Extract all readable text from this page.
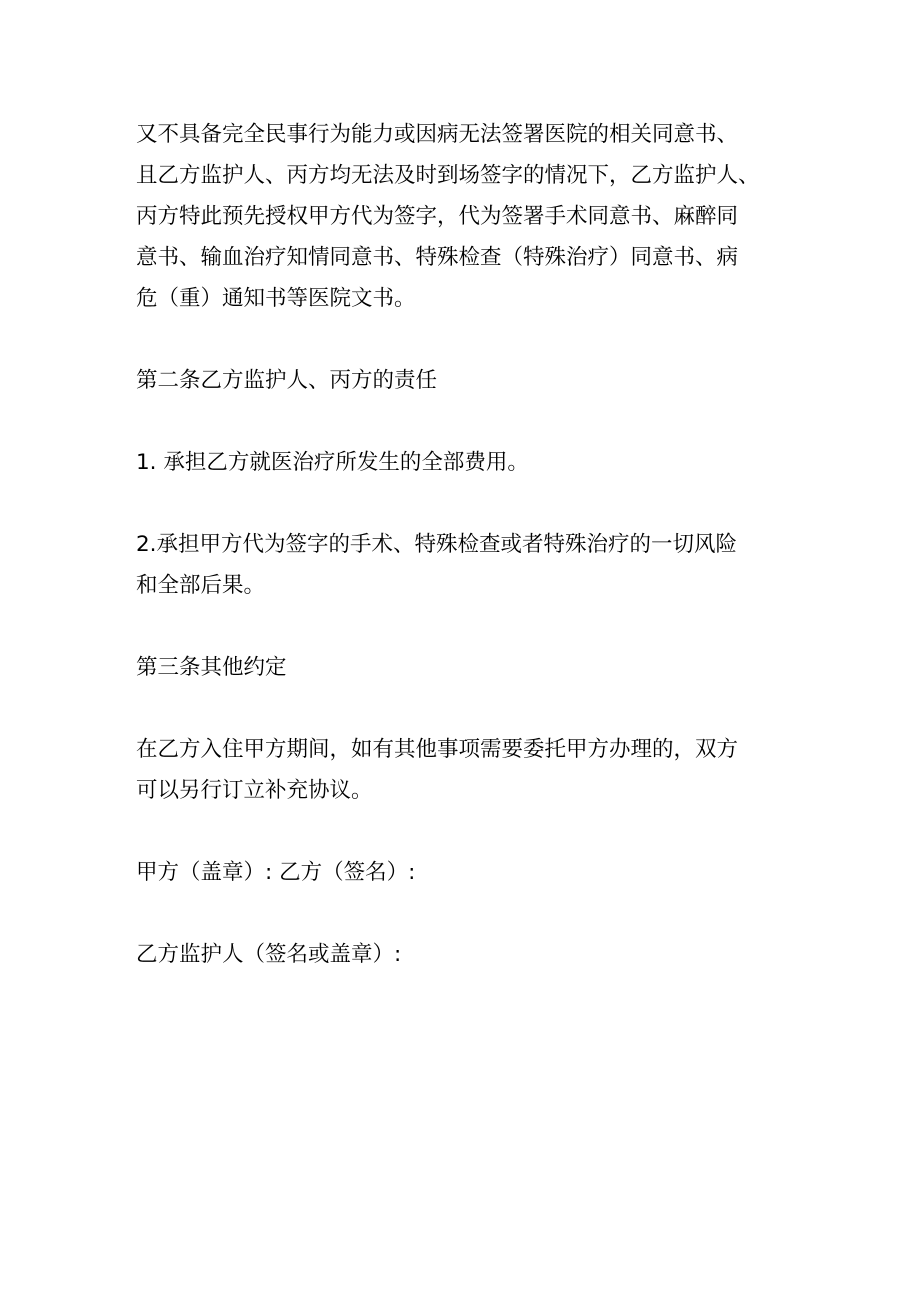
又不具备完全民事行为能力或因病无法签署医院的相关同意书、
且乙方监护人、丙方均无法及时到场签字的情况下，乙方监护人、
丙方特此预先授权甲方代为签字，代为签署手术同意书、麻醉同
意书、输血治疗知情同意书、特殊检查（特殊治疗）同意书、病
危（重）通知书等医院文书。

第二条乙方监护人、丙方的责任

1. 承担乙方就医治疗所发生的全部费用。

2.承担甲方代为签字的手术、特殊检查或者特殊治疗的一切风险
和全部后果。

第三条其他约定

在乙方入住甲方期间，如有其他事项需要委托甲方办理的，双方
可以另行订立补充协议。

甲方（盖章）: 乙方（签名）:

乙方监护人（签名或盖章）:
